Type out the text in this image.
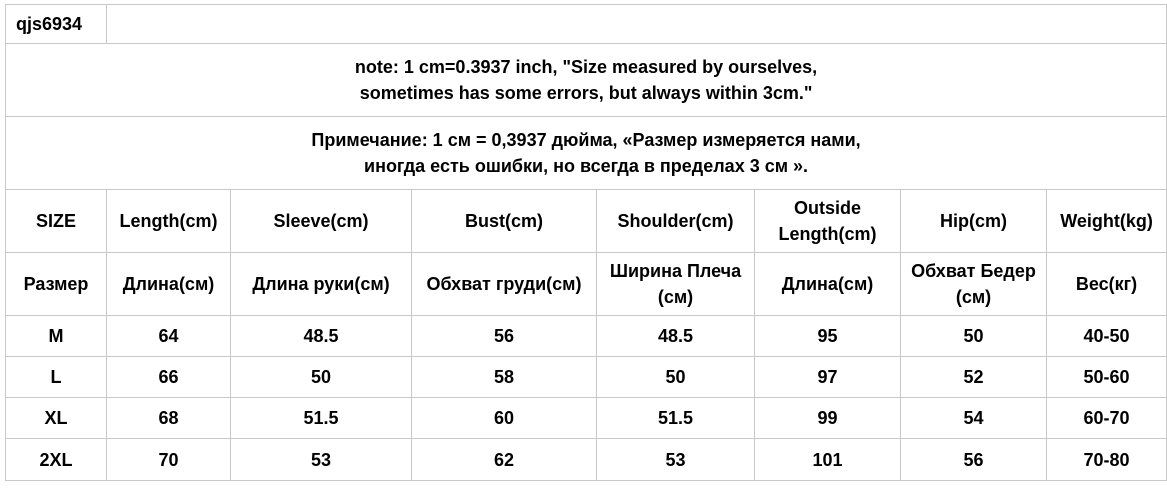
qjs6934							
note: 1 cm=0.3937 inch, "Size measured by ourselves,
sometimes has some errors, but always within 3cm."							
Примечание: 1 см = 0,3937 дюйма, «Размер измеряется нами,
иногда есть ошибки, но всегда в пределах 3 см ».							
SIZE	Length(cm)	Sleeve(cm)	Bust(cm)	Shoulder(cm)	Outside
Length(cm)	Hip(cm)	Weight(kg)
Размер	Длина(см)	Длина руки(см)	Обхват груди(см)	Ширина Плеча
(см)	Длина(см)	Обхват Бедер
(см)	Вес(кг)
M	64	48.5	56	48.5	95	50	40-50
L	66	50	58	50	97	52	50-60
XL	68	51.5	60	51.5	99	54	60-70
2XL	70	53	62	53	101	56	70-80
